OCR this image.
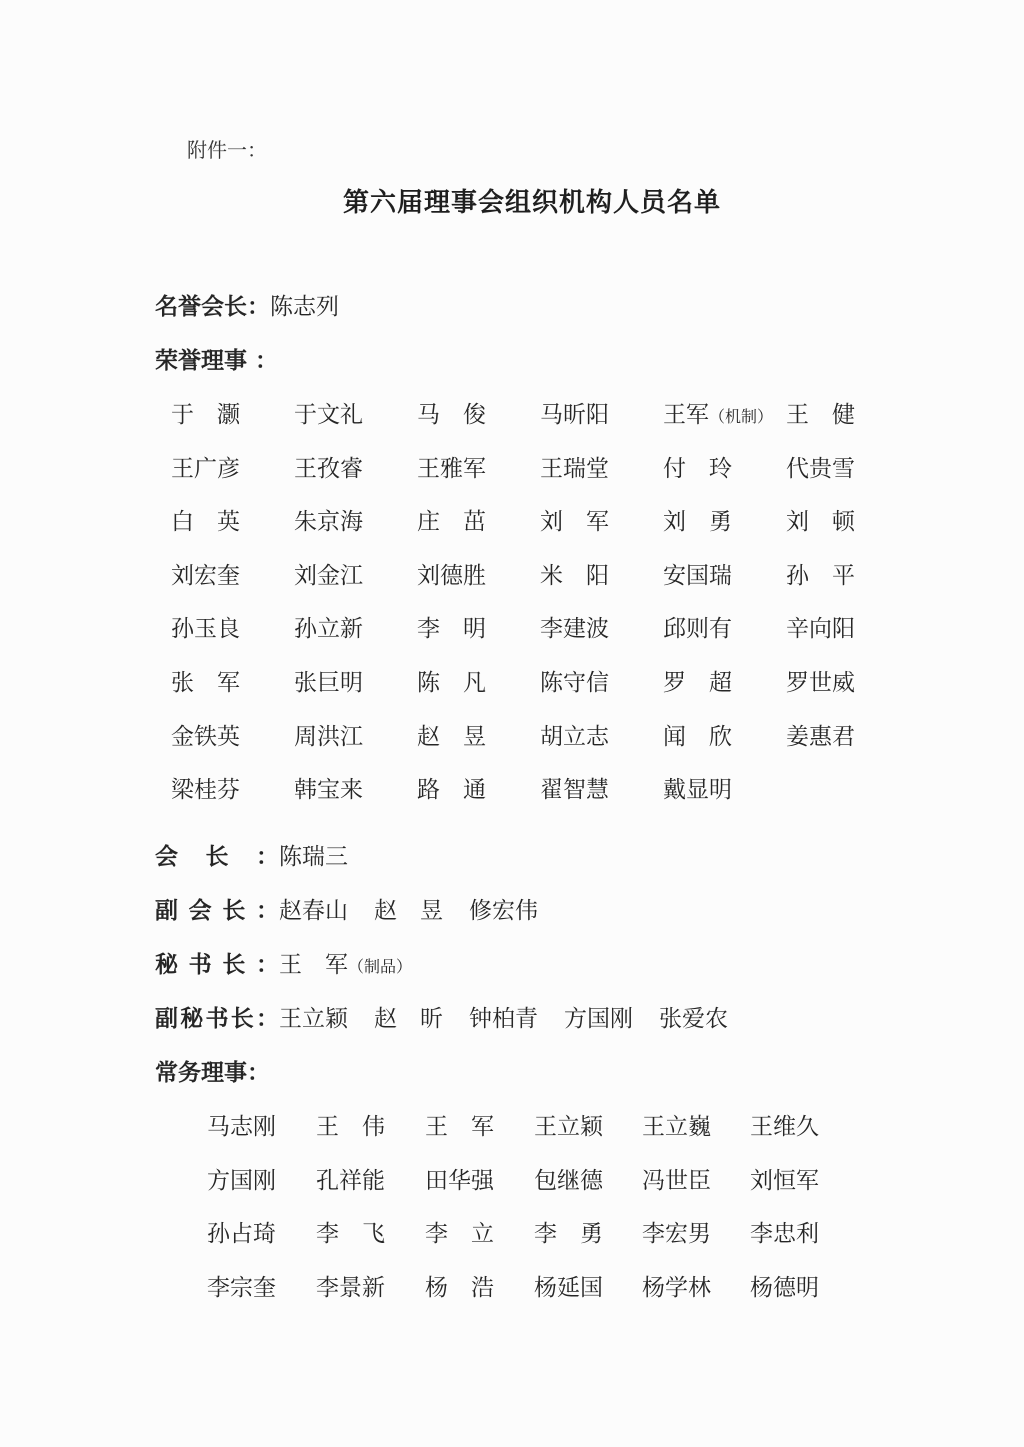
附件一：
第六届理事会组织机构人员名单
名誉会长：陈志列
荣誉理事 ：
于　灏	于文礼	马　俊	马昕阳	王军（机制） 王　健
王广彦	王孜睿	王雅军	王瑞堂	付　玲	代贵雪
白　英	朱京海	庄　茁	刘　军	刘　勇	刘　顿
刘宏奎	刘金江	刘德胜	米　阳	安国瑞	孙　平
孙玉良	孙立新	李　明	李建波	邱则有	辛向阳
张　军	张巨明	陈　凡	陈守信	罗　超	罗世威
金铁英	周洪江	赵　昱	胡立志	闻　欣	姜惠君
梁桂芬	韩宝来	路　通	翟智慧	戴显明
会长：陈瑞三
副会长：赵春山 赵　昱 修宏伟
秘书长：王　军（制品）
副秘书长：王立颖 赵　昕 钟柏青 方国刚 张爱农
常务理事：
马志刚	王　伟	王　军	王立颖	王立巍	王维久
方国刚	孔祥能	田华强	包继德	冯世臣	刘恒军
孙占琦	李　飞	李　立	李　勇	李宏男	李忠利
李宗奎	李景新	杨　浩	杨延国	杨学林	杨德明
